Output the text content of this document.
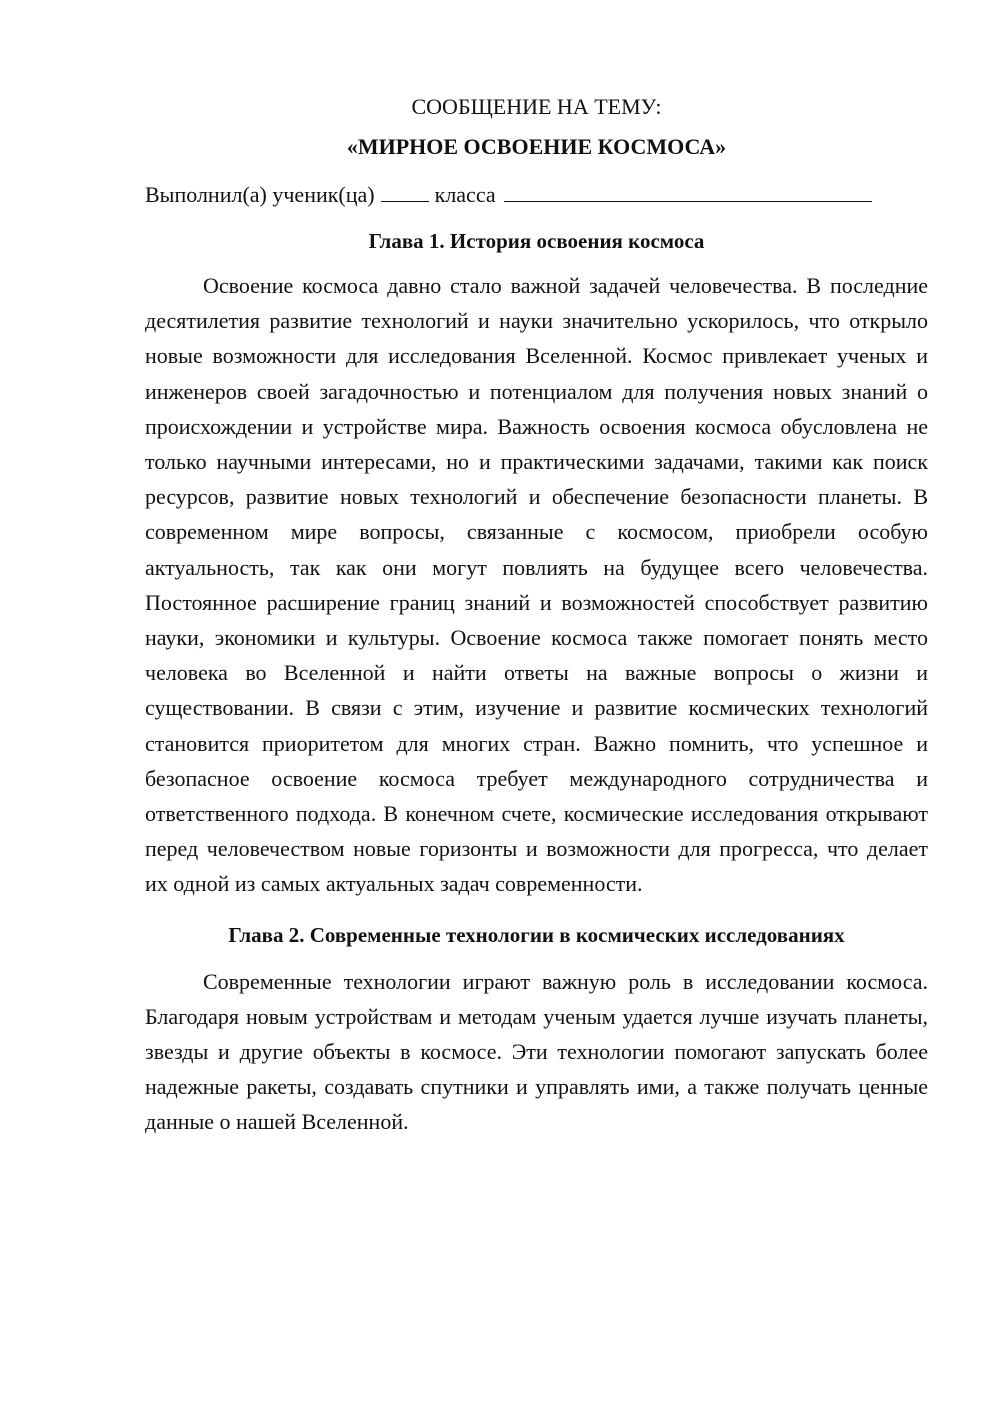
СООБЩЕНИЕ НА ТЕМУ:

«МИРНОЕ ОСВОЕНИЕ КОСМОСА»

Выполнил(а) ученик(ца)	класса

Глава 1. История освоения космоса

Освоение космоса давно стало важной задачей человечества. В последние десятилетия развитие технологий и науки значительно ускорилось, что открыло новые возможности для исследования Вселенной. Космос привлекает ученых и инженеров своей загадочностью и потенциалом для получения новых знаний о происхождении и устройстве мира. Важность освоения космоса обусловлена не только научными интересами, но и практическими задачами, такими как поиск ресурсов, развитие новых технологий и обеспечение безопасности планеты. В современном мире вопросы, связанные с космосом, приобрели особую актуальность, так как они могут повлиять на будущее всего человечества. Постоянное расширение границ знаний и возможностей способствует развитию науки, экономики и культуры. Освоение космоса также помогает понять место человека во Вселенной и найти ответы на важные вопросы о жизни и существовании. В связи с этим, изучение и развитие космических технологий становится приоритетом для многих стран. Важно помнить, что успешное и безопасное освоение космоса требует международного сотрудничества и ответственного подхода. В конечном счете, космические исследования открывают перед человечеством новые горизонты и возможности для прогресса, что делает их одной из самых актуальных задач современности.

Глава 2. Современные технологии в космических исследованиях

Современные технологии играют важную роль в исследовании космоса. Благодаря новым устройствам и методам ученым удается лучше изучать планеты, звезды и другие объекты в космосе. Эти технологии помогают запускать более надежные ракеты, создавать спутники и управлять ими, а также получать ценные данные о нашей Вселенной.
